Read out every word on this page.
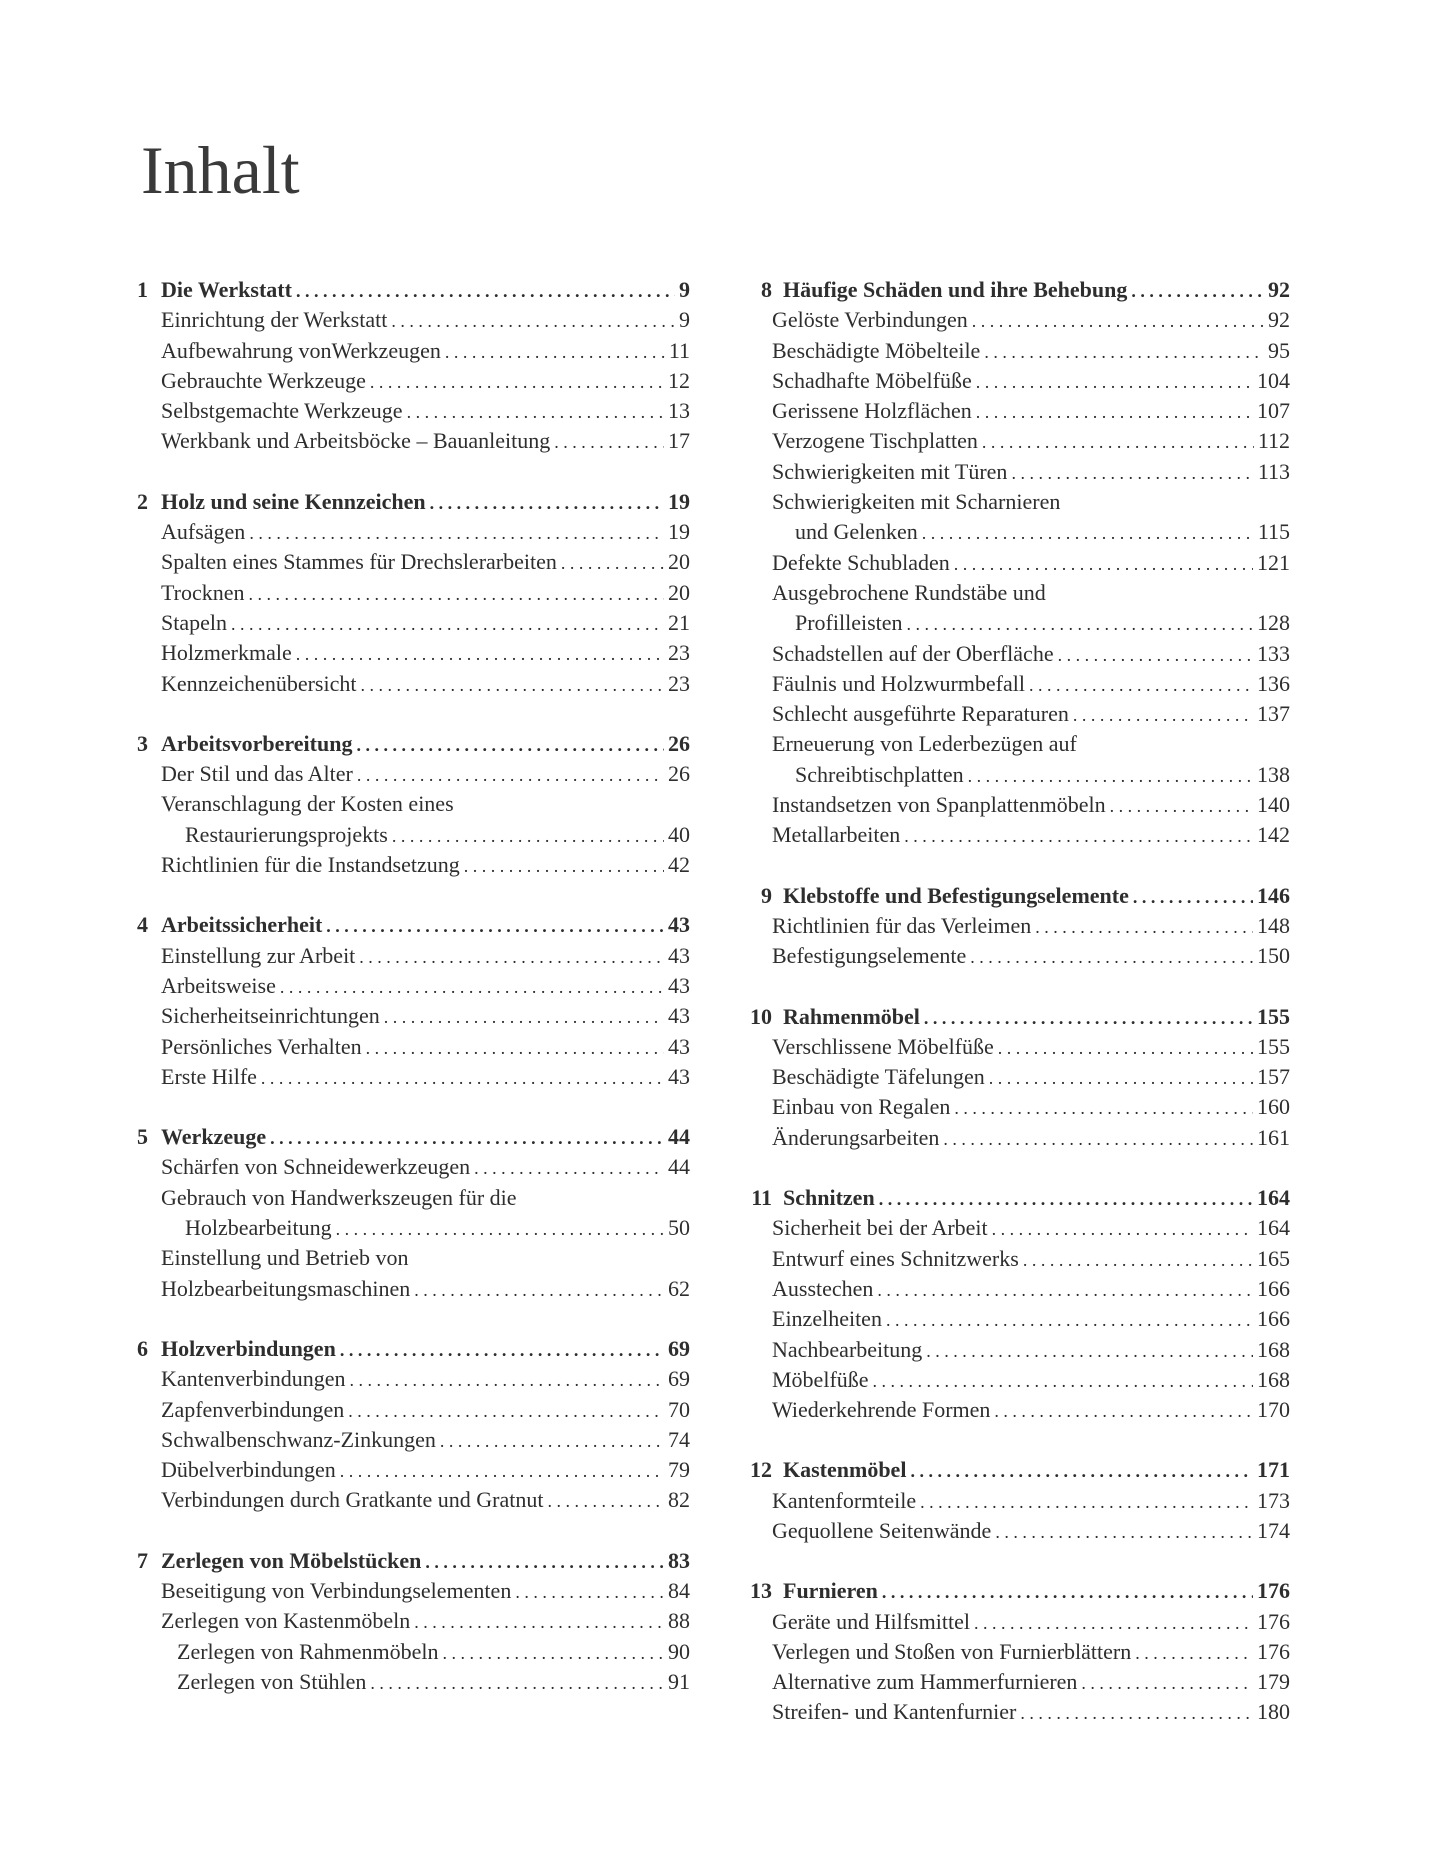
Inhalt
1 Die Werkstatt . . .	9
Einrichtung der Werkstatt . . .	9
Aufbewahrung vonWerkzeugen . . .	11
Gebrauchte Werkzeuge . . .	12
Selbstgemachte Werkzeuge . . .	13
Werkbank und Arbeitsböcke – Bauanleitung . . .	17
2 Holz und seine Kennzeichen . . .	19
Aufsägen . . .	19
Spalten eines Stammes für Drechslerarbeiten . . .	20
Trocknen . . .	20
Stapeln . . .	21
Holzmerkmale . . .	23
Kennzeichenübersicht . . .	23
3 Arbeitsvorbereitung . . .	26
Der Stil und das Alter . . .	26
Veranschlagung der Kosten eines
Restaurierungsprojekts . . .	40
Richtlinien für die Instandsetzung . . .	42
4 Arbeitssicherheit . . .	43
Einstellung zur Arbeit . . .	43
Arbeitsweise . . .	43
Sicherheitseinrichtungen . . .	43
Persönliches Verhalten . . .	43
Erste Hilfe . . .	43
5 Werkzeuge . . .	44
Schärfen von Schneidewerkzeugen . . .	44
Gebrauch von Handwerkszeugen für die
Holzbearbeitung . . .	50
Einstellung und Betrieb von
Holzbearbeitungsmaschinen . . .	62
6 Holzverbindungen . . .	69
Kantenverbindungen . . .	69
Zapfenverbindungen . . .	70
Schwalbenschwanz-Zinkungen . . .	74
Dübelverbindungen . . .	79
Verbindungen durch Gratkante und Gratnut . . .	82
7 Zerlegen von Möbelstücken . . .	83
Beseitigung von Verbindungselementen . . .	84
Zerlegen von Kastenmöbeln . . .	88
Zerlegen von Rahmenmöbeln . . .	90
Zerlegen von Stühlen . . .	91
8 Häufige Schäden und ihre Behebung . . .	92
Gelöste Verbindungen . . .	92
Beschädigte Möbelteile . . .	95
Schadhafte Möbelfüße . . .	104
Gerissene Holzflächen . . .	107
Verzogene Tischplatten . . .	112
Schwierigkeiten mit Türen . . .	113
Schwierigkeiten mit Scharnieren
und Gelenken . . .	115
Defekte Schubladen . . .	121
Ausgebrochene Rundstäbe und
Profilleisten . . .	128
Schadstellen auf der Oberfläche . . .	133
Fäulnis und Holzwurmbefall . . .	136
Schlecht ausgeführte Reparaturen . . .	137
Erneuerung von Lederbezügen auf
Schreibtischplatten . . .	138
Instandsetzen von Spanplattenmöbeln . . .	140
Metallarbeiten . . .	142
9 Klebstoffe und Befestigungselemente . . .	146
Richtlinien für das Verleimen . . .	148
Befestigungselemente . . .	150
10 Rahmenmöbel . . .	155
Verschlissene Möbelfüße . . .	155
Beschädigte Täfelungen . . .	157
Einbau von Regalen . . .	160
Änderungsarbeiten . . .	161
11 Schnitzen . . .	164
Sicherheit bei der Arbeit . . .	164
Entwurf eines Schnitzwerks . . .	165
Ausstechen . . .	166
Einzelheiten . . .	166
Nachbearbeitung . . .	168
Möbelfüße . . .	168
Wiederkehrende Formen . . .	170
12 Kastenmöbel . . .	171
Kantenformteile . . .	173
Gequollene Seitenwände . . .	174
13 Furnieren . . .	176
Geräte und Hilfsmittel . . .	176
Verlegen und Stoßen von Furnierblättern . . .	176
Alternative zum Hammerfurnieren . . .	179
Streifen- und Kantenfurnier . . .	180
